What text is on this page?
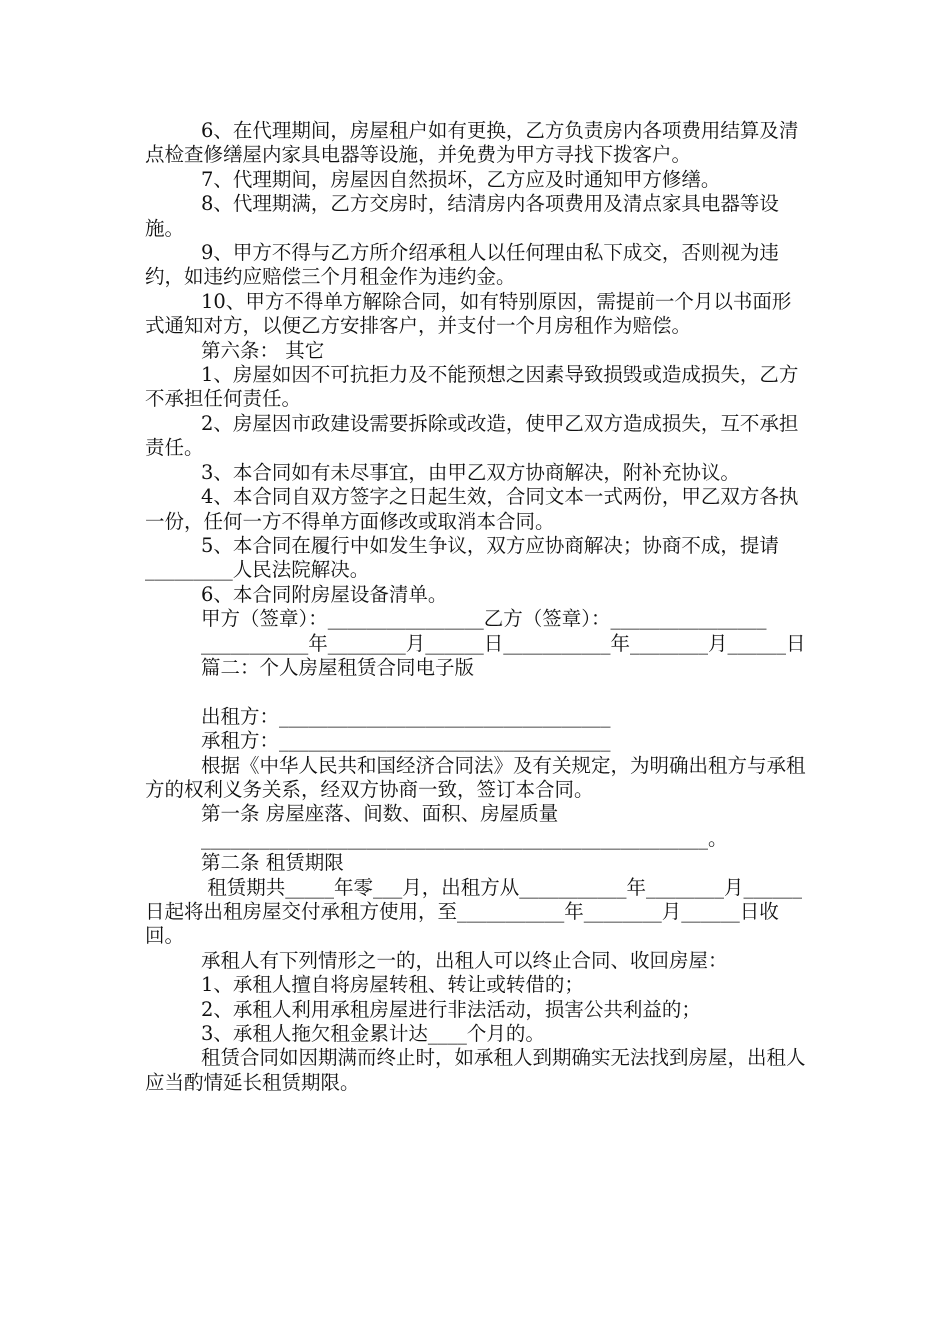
6、在代理期间，房屋租户如有更换，乙方负责房内各项费用结算及清点检查修缮屋内家具电器等设施，并免费为甲方寻找下拨客户。

7、代理期间，房屋因自然损坏，乙方应及时通知甲方修缮。

8、代理期满，乙方交房时，结清房内各项费用及清点家具电器等设施。

9、甲方不得与乙方所介绍承租人以任何理由私下成交，否则视为违约，如违约应赔偿三个月租金作为违约金。

10、甲方不得单方解除合同，如有特别原因，需提前一个月以书面形式通知对方，以便乙方安排客户，并支付一个月房租作为赔偿。

第六条： 其它

1、房屋如因不可抗拒力及不能预想之因素导致损毁或造成损失，乙方不承担任何责任。

2、房屋因市政建设需要拆除或改造，使甲乙双方造成损失，互不承担责任。

3、本合同如有未尽事宜，由甲乙双方协商解决，附补充协议。

4、本合同自双方签字之日起生效，合同文本一式两份，甲乙双方各执一份，任何一方不得单方面修改或取消本合同。

5、本合同在履行中如发生争议，双方应协商解决；协商不成，提请_________人民法院解决。

6、本合同附房屋设备清单。

甲方（签章）：________________乙方（签章）：________________

___________年________月______日___________年________月______日

篇二：个人房屋租赁合同电子版

出租方：__________________________________

承租方：__________________________________

根据《中华人民共和国经济合同法》及有关规定，为明确出租方与承租方的权利义务关系，经双方协商一致，签订本合同。

第一条 房屋座落、间数、面积、房屋质量

____________________________________________________。

第二条 租赁期限

租赁期共_____年零___月，出租方从___________年________月______日起将出租房屋交付承租方使用，至___________年________月______日收回。

承租人有下列情形之一的，出租人可以终止合同、收回房屋：

1、承租人擅自将房屋转租、转让或转借的；

2、承租人利用承租房屋进行非法活动，损害公共利益的；

3、承租人拖欠租金累计达____个月的。

租赁合同如因期满而终止时，如承租人到期确实无法找到房屋，出租人应当酌情延长租赁期限。
